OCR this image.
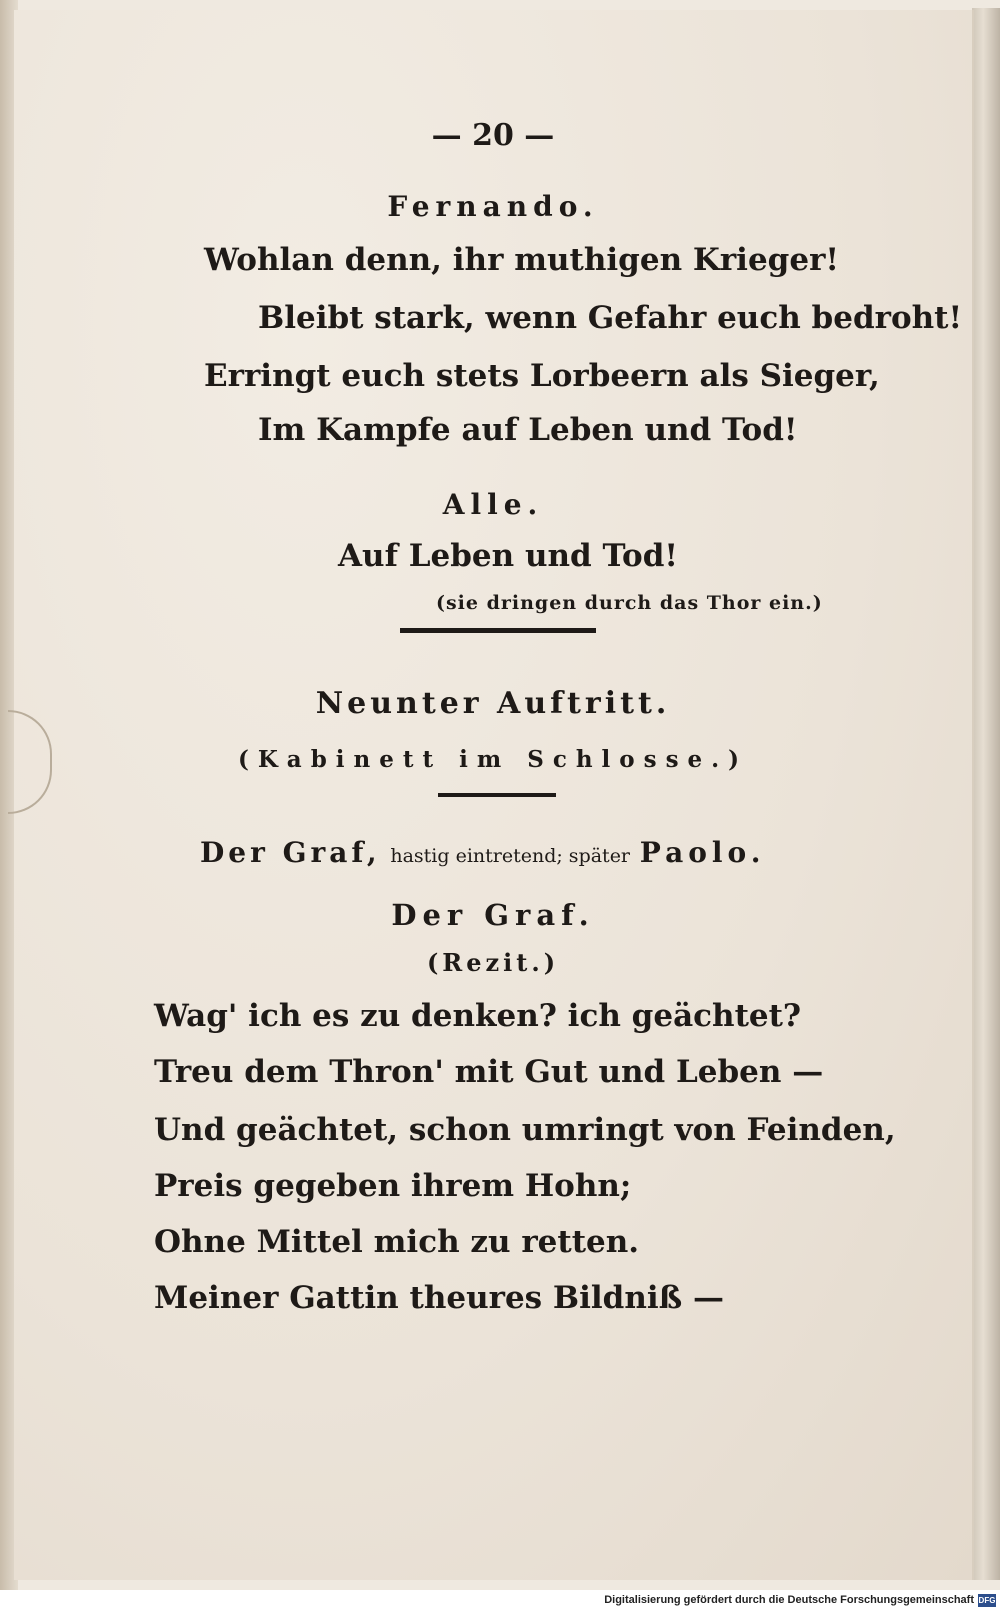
— 20 —
Fernando.
Wohlan denn, ihr muthigen Krieger!
Bleibt stark, wenn Gefahr euch bedroht!
Erringt euch stets Lorbeern als Sieger,
Im Kampfe auf Leben und Tod!
Alle.
Auf Leben und Tod!
(sie dringen durch das Thor ein.)
Neunter Auftritt.
(Kabinett im Schlosse.)
Der Graf, hastig eintretend; später Paolo.
Der Graf.
(Rezit.)
Wag' ich es zu denken? ich geächtet?
Treu dem Thron' mit Gut und Leben —
Und geächtet, schon umringt von Feinden,
Preis gegeben ihrem Hohn;
Ohne Mittel mich zu retten.
Meiner Gattin theures Bildniß —
Digitalisierung gefördert durch die Deutsche Forschungsgemeinschaft DFG
